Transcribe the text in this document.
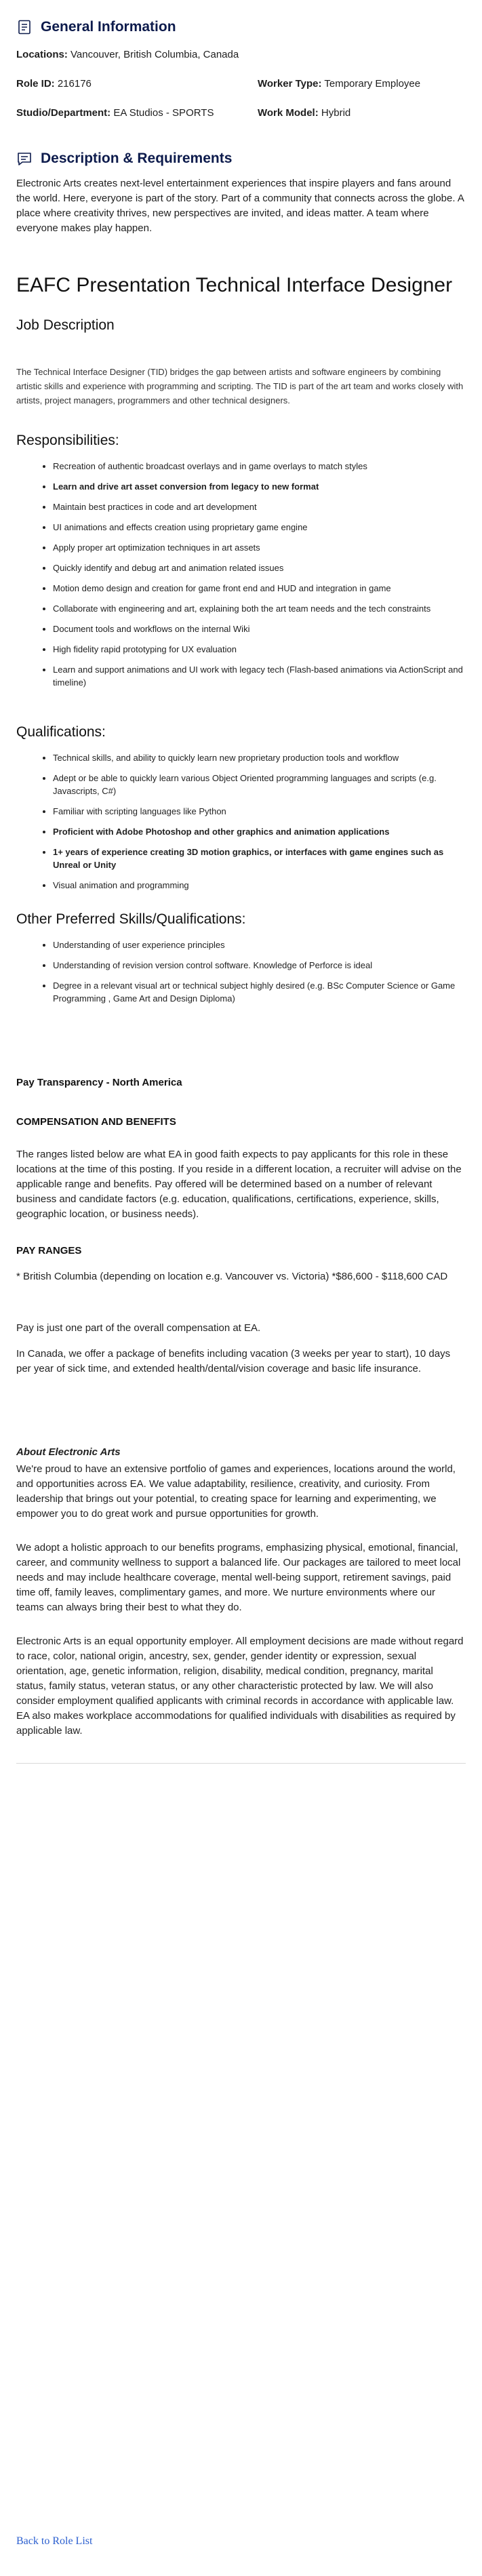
General Information
Locations: Vancouver, British Columbia, Canada
Role ID: 216176	Worker Type: Temporary Employee
Studio/Department: EA Studios - SPORTS	Work Model: Hybrid
Description & Requirements

Electronic Arts creates next-level entertainment experiences that inspire players and fans around the world. Here, everyone is part of the story. Part of a community that connects across the globe. A place where creativity thrives, new perspectives are invited, and ideas matter. A team where everyone makes play happen.

EAFC Presentation Technical Interface Designer
Job Description

The Technical Interface Designer (TID) bridges the gap between artists and software engineers by combining artistic skills and experience with programming and scripting. The TID is part of the art team and works closely with artists, project managers, programmers and other technical designers.

Responsibilities:
• Recreation of authentic broadcast overlays and in game overlays to match styles
• Learn and drive art asset conversion from legacy to new format
• Maintain best practices in code and art development
• UI animations and effects creation using proprietary game engine
• Apply proper art optimization techniques in art assets
• Quickly identify and debug art and animation related issues
• Motion demo design and creation for game front end and HUD and integration in game
• Collaborate with engineering and art, explaining both the art team needs and the tech constraints
• Document tools and workflows on the internal Wiki
• High fidelity rapid prototyping for UX evaluation
• Learn and support animations and UI work with legacy tech (Flash-based animations via ActionScript and timeline)
Qualifications:
• Technical skills, and ability to quickly learn new proprietary production tools and workflow
• Adept or be able to quickly learn various Object Oriented programming languages and scripts (e.g. Javascripts, C#)
• Familiar with scripting languages like Python
• Proficient with Adobe Photoshop and other graphics and animation applications
• 1+ years of experience creating 3D motion graphics, or interfaces with game engines such as Unreal or Unity
• Visual animation and programming
Other Preferred Skills/Qualifications:
• Understanding of user experience principles
• Understanding of revision version control software. Knowledge of Perforce is ideal
• Degree in a relevant visual art or technical subject highly desired (e.g. BSc Computer Science or Game Programming , Game Art and Design Diploma)

Pay Transparency - North America

COMPENSATION AND BENEFITS

The ranges listed below are what EA in good faith expects to pay applicants for this role in these locations at the time of this posting. If you reside in a different location, a recruiter will advise on the applicable range and benefits. Pay offered will be determined based on a number of relevant business and candidate factors (e.g. education, qualifications, certifications, experience, skills, geographic location, or business needs).

PAY RANGES

* British Columbia (depending on location e.g. Vancouver vs. Victoria) *$86,600 - $118,600 CAD

Pay is just one part of the overall compensation at EA.

In Canada, we offer a package of benefits including vacation (3 weeks per year to start), 10 days per year of sick time, and extended health/dental/vision coverage and basic life insurance.

About Electronic Arts

We're proud to have an extensive portfolio of games and experiences, locations around the world, and opportunities across EA. We value adaptability, resilience, creativity, and curiosity. From leadership that brings out your potential, to creating space for learning and experimenting, we empower you to do great work and pursue opportunities for growth.

We adopt a holistic approach to our benefits programs, emphasizing physical, emotional, financial, career, and community wellness to support a balanced life. Our packages are tailored to meet local needs and may include healthcare coverage, mental well-being support, retirement savings, paid time off, family leaves, complimentary games, and more. We nurture environments where our teams can always bring their best to what they do.

Electronic Arts is an equal opportunity employer. All employment decisions are made without regard to race, color, national origin, ancestry, sex, gender, gender identity or expression, sexual orientation, age, genetic information, religion, disability, medical condition, pregnancy, marital status, family status, veteran status, or any other characteristic protected by law. We will also consider employment qualified applicants with criminal records in accordance with applicable law. EA also makes workplace accommodations for qualified individuals with disabilities as required by applicable law.

Back to Role List
